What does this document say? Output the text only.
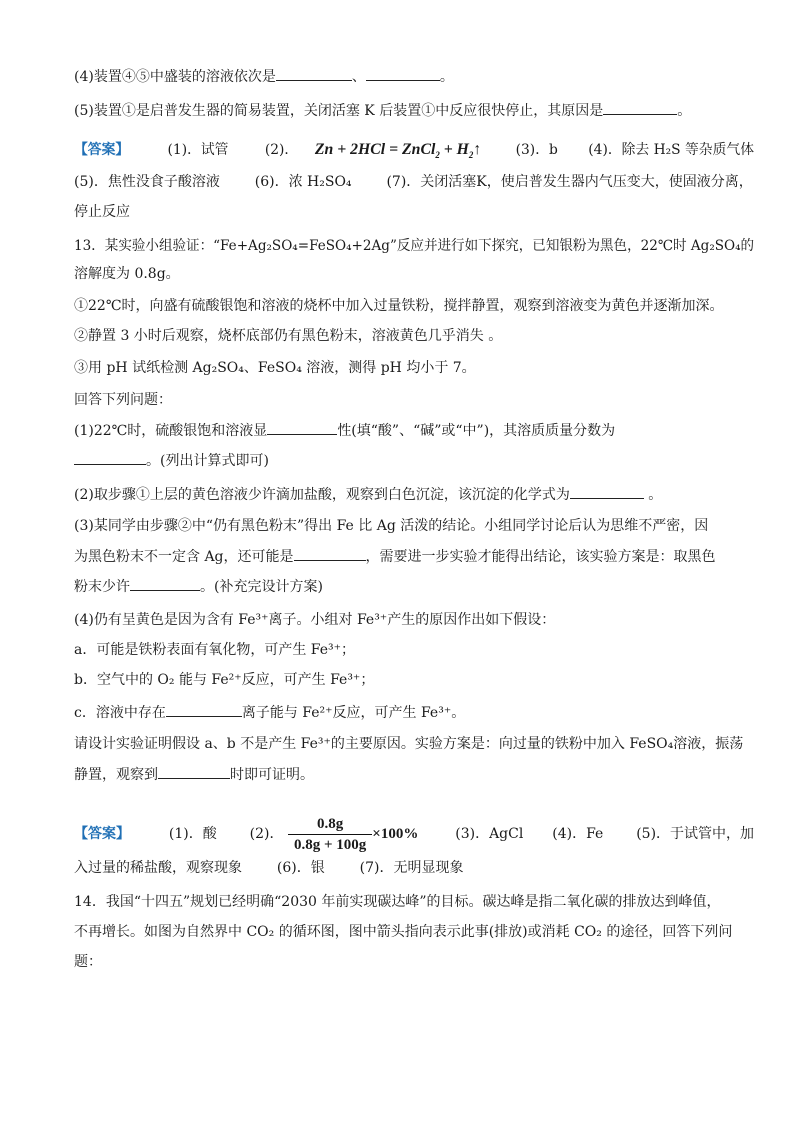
(4)装置④⑤中盛装的溶液依次是	、	。
(5)装置①是启普发生器的简易装置，关闭活塞 K 后装置①中反应很快停止，其原因是	。
【答案】	(1)．试管	(2)． Zn + 2HCl = ZnCl$_2$ + $H_2↑$ (3)．b (4)．除去 H₂S 等杂质气体
(5)．焦性没食子酸溶液 (6)．浓 H₂SO₄ (7)．关闭活塞K，使启普发生器内气压变大，使固液分离，
停止反应
13．某实验小组验证：“Fe+Ag₂SO₄=FeSO₄+2Ag”反应并进行如下探究，已知银粉为黑色，22℃时 Ag₂SO₄的
溶解度为 0.8g。
①22℃时，向盛有硫酸银饱和溶液的烧杯中加入过量铁粉，搅拌静置，观察到溶液变为黄色并逐渐加深。
②静置 3 小时后观察，烧杯底部仍有黑色粉末，溶液黄色几乎消失 。
③用 pH 试纸检测 Ag₂SO₄、FeSO₄ 溶液，测得 pH 均小于 7。
回答下列问题：
(1)22℃时，硫酸银饱和溶液显	性(填“酸”、“碱”或“中”)，其溶质质量分数为
。(列出计算式即可)
(2)取步骤①上层的黄色溶液少许滴加盐酸，观察到白色沉淀，该沉淀的化学式为	。
(3)某同学由步骤②中“仍有黑色粉末”得出 Fe 比 Ag 活泼的结论。小组同学讨论后认为思维不严密，因
为黑色粉末不一定含 Ag，还可能是	，需要进一步实验才能得出结论，该实验方案是：取黑色
粉末少许	。(补充完设计方案)
(4)仍有呈黄色是因为含有 Fe³⁺离子。小组对 Fe³⁺产生的原因作出如下假设：
a．可能是铁粉表面有氧化物，可产生 Fe³⁺；
b．空气中的 O₂ 能与 Fe²⁺反应，可产生 Fe³⁺；
c．溶液中存在	离子能与 Fe²⁺反应，可产生 Fe³⁺。
请设计实验证明假设 a、b 不是产生 Fe³⁺的主要原因。实验方案是：向过量的铁粉中加入 FeSO₄溶液，振荡
静置，观察到	时即可证明。
【答案】	(1)．酸 (2)． $\frac{0.8g}{0.8g + 100g} \times 100\%$	(3)．AgCl (4)．Fe (5)．于试管中，加
入过量的稀盐酸，观察现象 (6)．银 (7)．无明显现象
14．我国“十四五”规划已经明确“2030 年前实现碳达峰”的目标。碳达峰是指二氧化碳的排放达到峰值，
不再增长。如图为自然界中 CO₂ 的循环图，图中箭头指向表示此事(排放)或消耗 CO₂ 的途径，回答下列问
题：
